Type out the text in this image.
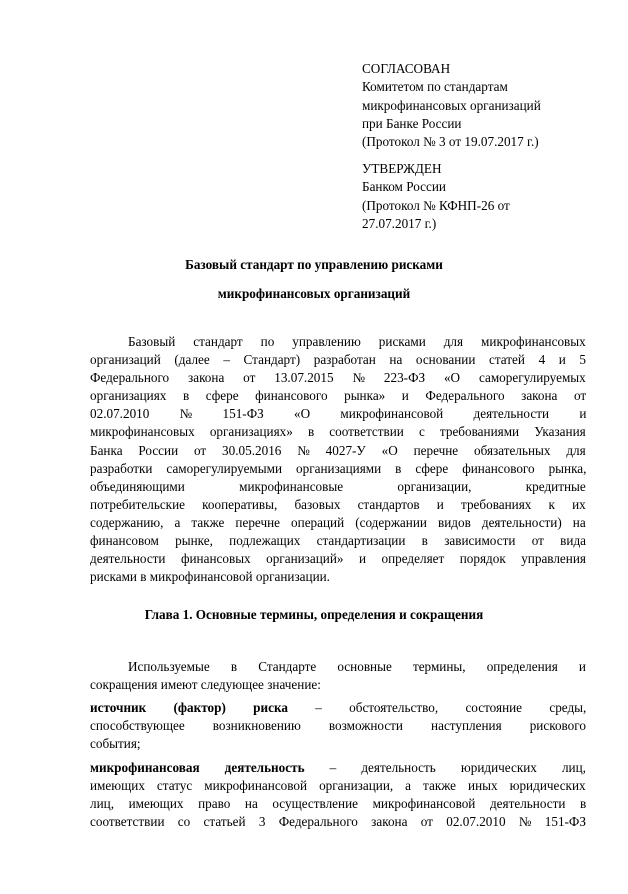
СОГЛАСОВАН
Комитетом по стандартам
микрофинансовых организаций
при Банке России
(Протокол № 3 от 19.07.2017 г.)
УТВЕРЖДЕН
Банком России
(Протокол № КФНП-26 от
27.07.2017 г.)
Базовый стандарт по управлению рисками
микрофинансовых организаций
Базовый стандарт по управлению рисками для микрофинансовых
организаций (далее – Стандарт) разработан на основании статей 4 и 5
Федерального закона от 13.07.2015 № 223-ФЗ «О саморегулируемых
организациях в сфере финансового рынка» и Федерального закона от
02.07.2010 № 151-ФЗ «О микрофинансовой деятельности и
микрофинансовых организациях» в соответствии с требованиями Указания
Банка России от 30.05.2016 № 4027-У «О перечне обязательных для
разработки саморегулируемыми организациями в сфере финансового рынка,
объединяющими микрофинансовые организации, кредитные
потребительские кооперативы, базовых стандартов и требованиях к их
содержанию, а также перечне операций (содержании видов деятельности) на
финансовом рынке, подлежащих стандартизации в зависимости от вида
деятельности финансовых организаций» и определяет порядок управления
рисками в микрофинансовой организации.
Глава 1. Основные термины, определения и сокращения
Используемые в Стандарте основные термины, определения и
сокращения имеют следующее значение:
источник (фактор) риска – обстоятельство, состояние среды,
способствующее возникновению возможности наступления рискового
события;
микрофинансовая деятельность – деятельность юридических лиц,
имеющих статус микрофинансовой организации, а также иных юридических
лиц, имеющих право на осуществление микрофинансовой деятельности в
соответствии со статьей 3 Федерального закона от 02.07.2010 № 151-ФЗ
